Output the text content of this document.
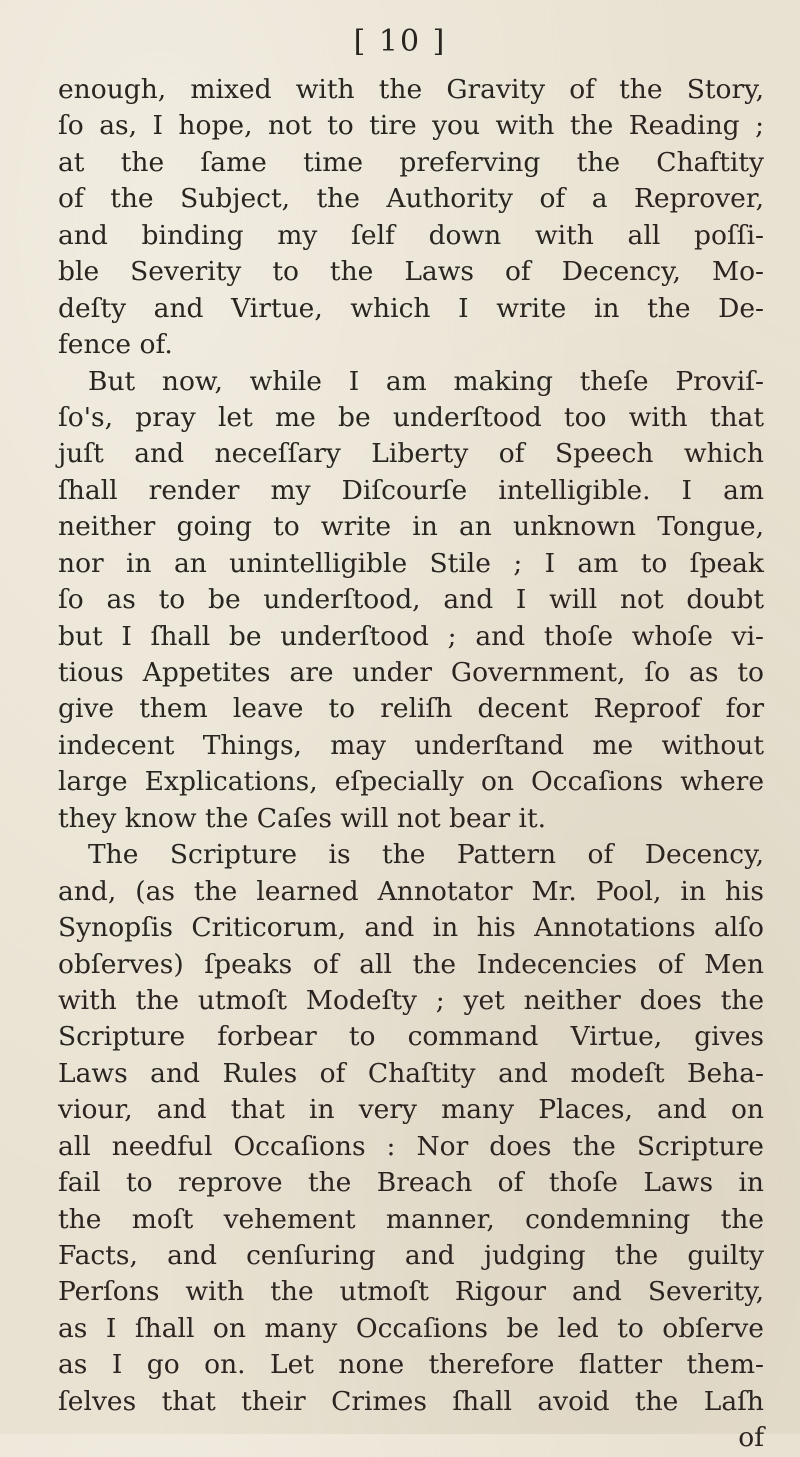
[ 10 ]
enough, mixed with the Gravity of the Story,
ſo as, I hope, not to tire you with the Reading ;
at the ſame time preferving the Chaftity
of the Subject, the Authority of a Reprover,
and binding my ſelf down with all poſſi-
ble Severity to the Laws of Decency, Mo-
deſty and Virtue, which I write in the De-
fence of.
But now, while I am making theſe Proviſ-
ſo's, pray let me be underſtood too with that
juſt and neceſſary Liberty of Speech which
ſhall render my Diſcourſe intelligible. I am
neither going to write in an unknown Tongue,
nor in an unintelligible Stile ; I am to ſpeak
ſo as to be underſtood, and I will not doubt
but I ſhall be underſtood ; and thoſe whoſe vi-
tious Appetites are under Government, ſo as to
give them leave to reliſh decent Reproof for
indecent Things, may underſtand me without
large Explications, eſpecially on Occaſions where
they know the Caſes will not bear it.
The Scripture is the Pattern of Decency,
and, (as the learned Annotator Mr. Pool, in his
Synopſis Criticorum, and in his Annotations alſo
obſerves) ſpeaks of all the Indecencies of Men
with the utmoſt Modeſty ; yet neither does the
Scripture forbear to command Virtue, gives
Laws and Rules of Chaſtity and modeſt Beha-
viour, and that in very many Places, and on
all needful Occaſions : Nor does the Scripture
fail to reprove the Breach of thoſe Laws in
the moſt vehement manner, condemning the
Facts, and cenſuring and judging the guilty
Perſons with the utmoſt Rigour and Severity,
as I ſhall on many Occaſions be led to obſerve
as I go on. Let none therefore flatter them-
ſelves that their Crimes ſhall avoid the Laſh
of
